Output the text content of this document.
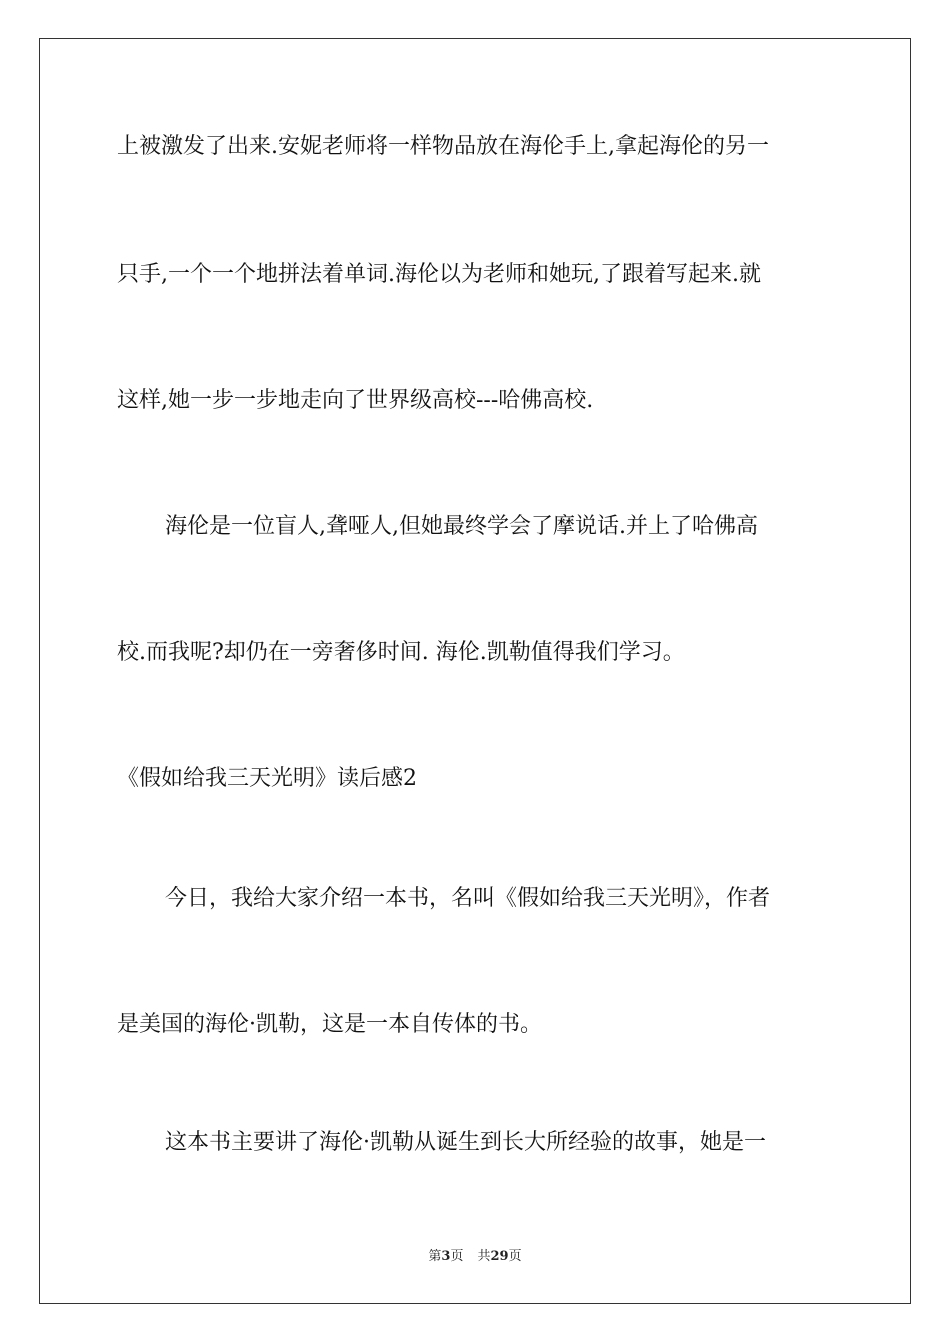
上被激发了出来.安妮老师将一样物品放在海伦手上,拿起海伦的另一
只手,一个一个地拼法着单词.海伦以为老师和她玩,了跟着写起来.就
这样,她一步一步地走向了世界级高校---哈佛高校.
海伦是一位盲人,聋哑人,但她最终学会了摩说话.并上了哈佛高
校.而我呢?却仍在一旁奢侈时间. 海伦.凯勒值得我们学习。
《假如给我三天光明》读后感2
今日，我给大家介绍一本书，名叫《假如给我三天光明》，作者
是美国的海伦·凯勒，这是一本自传体的书。
这本书主要讲了海伦·凯勒从诞生到长大所经验的故事，她是一
第3页 共29页
